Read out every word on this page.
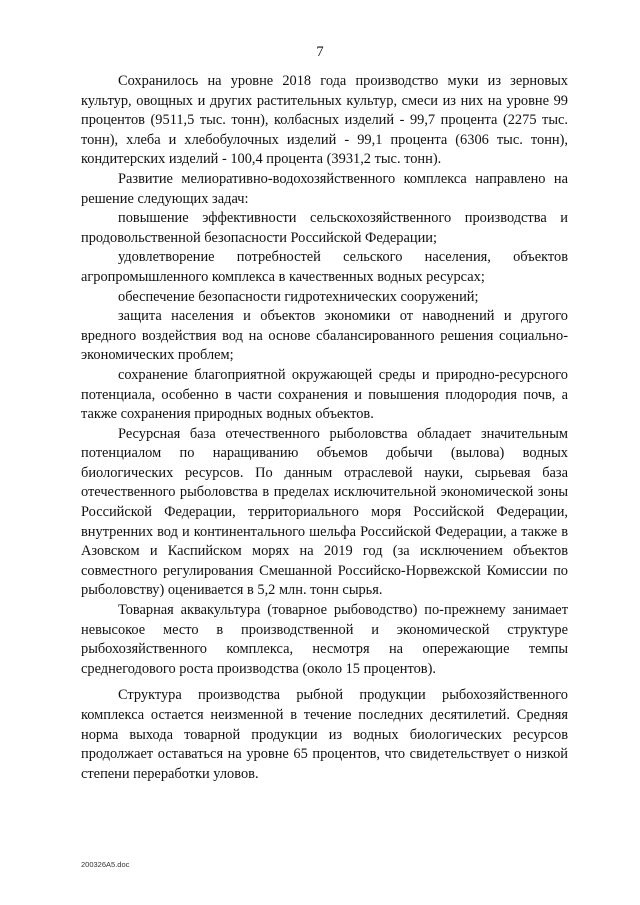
7

Сохранилось на уровне 2018 года производство муки из зерновых культур, овощных и других растительных культур, смеси из них на уровне 99 процентов (9511,5 тыс. тонн), колбасных изделий - 99,7 процента (2275 тыс. тонн), хлеба и хлебобулочных изделий - 99,1 процента (6306 тыс. тонн), кондитерских изделий - 100,4 процента (3931,2 тыс. тонн).

Развитие мелиоративно-водохозяйственного комплекса направлено на решение следующих задач:

повышение эффективности сельскохозяйственного производства и продовольственной безопасности Российской Федерации;

удовлетворение потребностей сельского населения, объектов агропромышленного комплекса в качественных водных ресурсах;

обеспечение безопасности гидротехнических сооружений;

защита населения и объектов экономики от наводнений и другого вредного воздействия вод на основе сбалансированного решения социально-экономических проблем;

сохранение благоприятной окружающей среды и природно-ресурсного потенциала, особенно в части сохранения и повышения плодородия почв, а также сохранения природных водных объектов.

Ресурсная база отечественного рыболовства обладает значительным потенциалом по наращиванию объемов добычи (вылова) водных биологических ресурсов. По данным отраслевой науки, сырьевая база отечественного рыболовства в пределах исключительной экономической зоны Российской Федерации, территориального моря Российской Федерации, внутренних вод и континентального шельфа Российской Федерации, а также в Азовском и Каспийском морях на 2019 год (за исключением объектов совместного регулирования Смешанной Российско-Норвежской Комиссии по рыболовству) оценивается в 5,2 млн. тонн сырья.

Товарная аквакультура (товарное рыбоводство) по-прежнему занимает невысокое место в производственной и экономической структуре рыбохозяйственного комплекса, несмотря на опережающие темпы среднегодового роста производства (около 15 процентов).

Структура производства рыбной продукции рыбохозяйственного комплекса остается неизменной в течение последних десятилетий. Средняя норма выхода товарной продукции из водных биологических ресурсов продолжает оставаться на уровне 65 процентов, что свидетельствует о низкой степени переработки уловов.

200326A5.doc
